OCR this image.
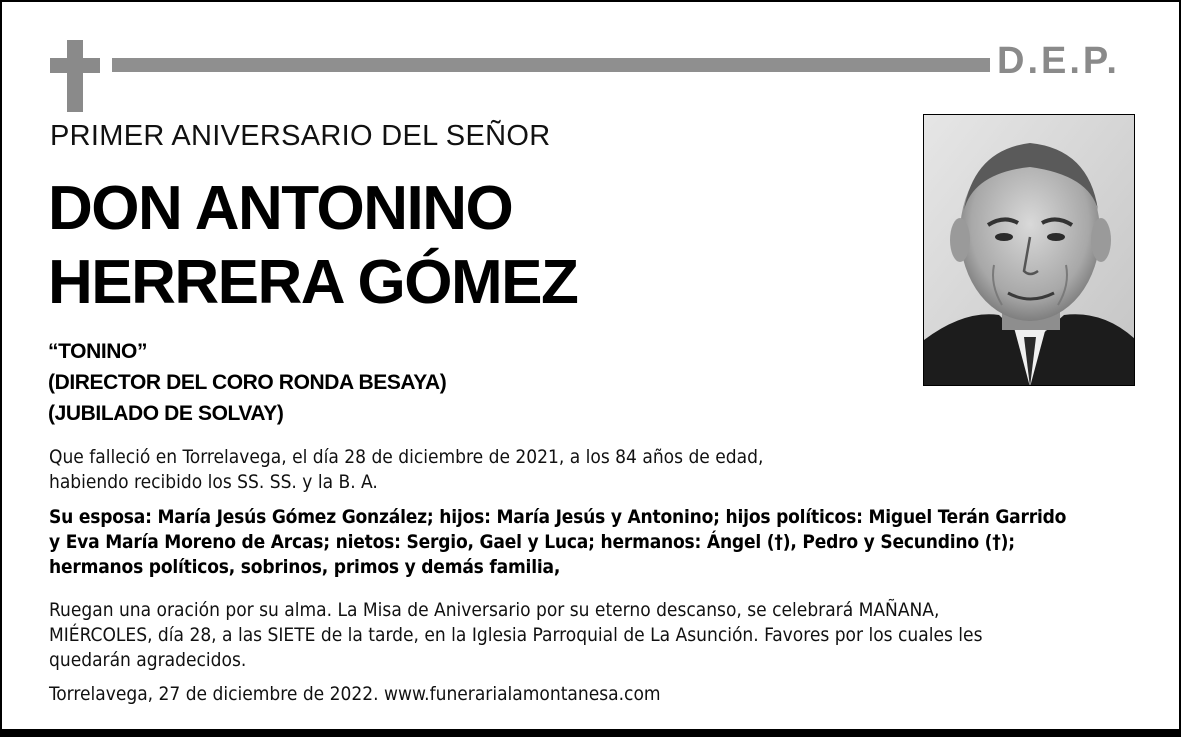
D.E.P.
PRIMER ANIVERSARIO DEL SEÑOR
DON ANTONINO
HERRERA GÓMEZ
“TONINO”
(DIRECTOR DEL CORO RONDA BESAYA)
(JUBILADO DE SOLVAY)
Que falleció en Torrelavega, el día 28 de diciembre de 2021, a los 84 años de edad,
habiendo recibido los SS. SS. y la B. A.
Su esposa: María Jesús Gómez González; hijos: María Jesús y Antonino; hijos políticos: Miguel Terán Garrido
y Eva María Moreno de Arcas; nietos: Sergio, Gael y Luca; hermanos: Ángel (†), Pedro y Secundino (†);
hermanos políticos, sobrinos, primos y demás familia,
Ruegan una oración por su alma. La Misa de Aniversario por su eterno descanso, se celebrará MAÑANA,
MIÉRCOLES, día 28, a las SIETE de la tarde, en la Iglesia Parroquial de La Asunción. Favores por los cuales les
quedarán agradecidos.
Torrelavega, 27 de diciembre de 2022. www.funerarialamontanesa.com
